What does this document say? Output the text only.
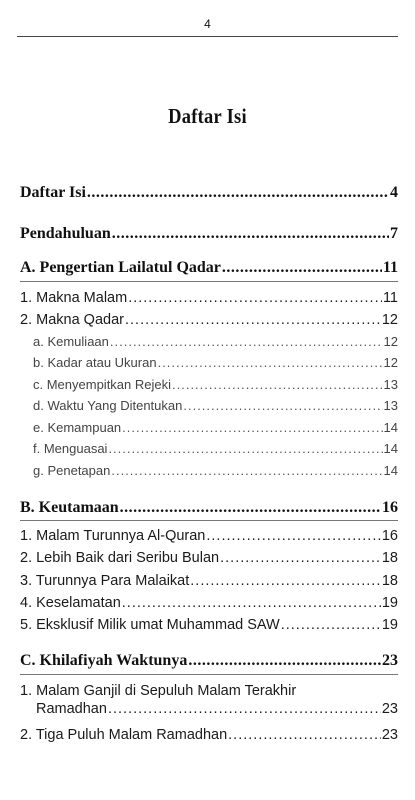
4
Daftar Isi
Daftar Isi .....	4
Pendahuluan .....	7
A. Pengertian Lailatul Qadar .....	11
1. Makna Malam .....	11
2. Makna Qadar .....	12
a. Kemuliaan .....	12
b. Kadar atau Ukuran .....	12
c. Menyempitkan Rejeki .....	13
d. Waktu Yang Ditentukan .....	13
e. Kemampuan .....	14
f. Menguasai .....	14
g. Penetapan .....	14
B. Keutamaan .....	16
1. Malam Turunnya Al-Quran .....	16
2. Lebih Baik dari Seribu Bulan .....	18
3. Turunnya Para Malaikat .....	18
4. Keselamatan .....	19
5. Eksklusif Milik umat Muhammad SAW .....	19
C. Khilafiyah Waktunya .....	23
1. Malam Ganjil di Sepuluh Malam Terakhir
Ramadhan .....	23
2. Tiga Puluh Malam Ramadhan .....	23
